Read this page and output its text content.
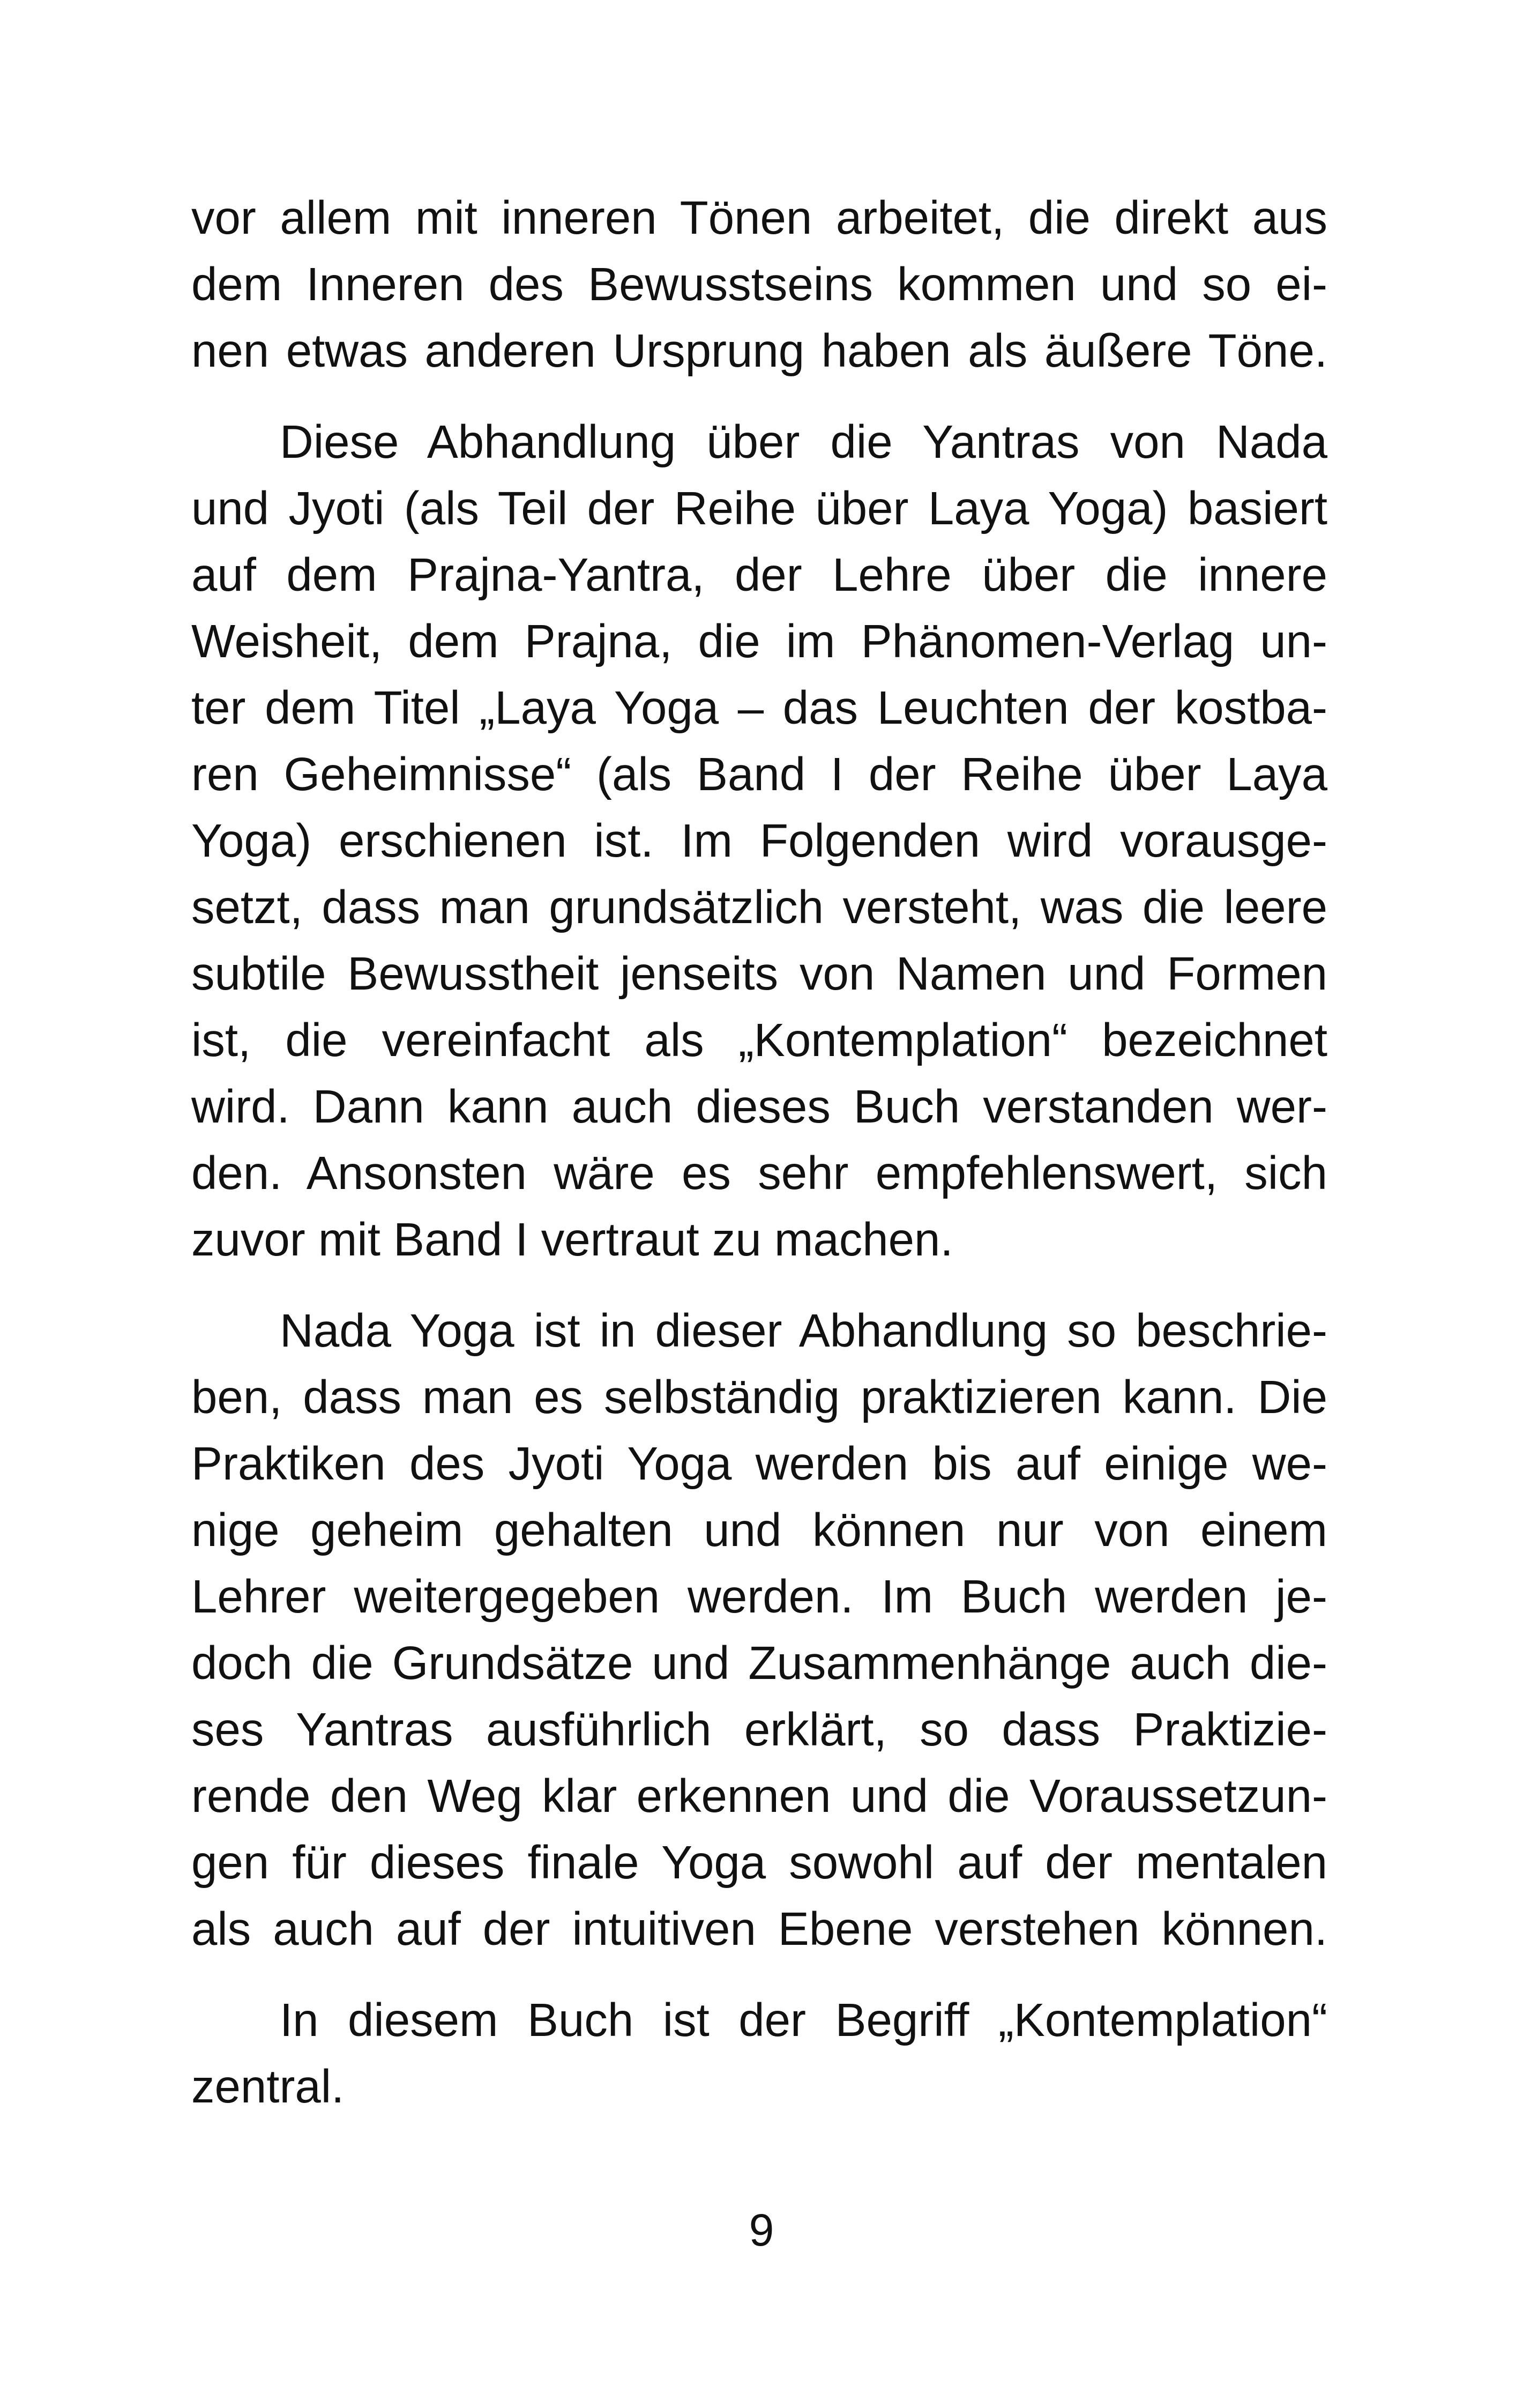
vor allem mit inneren Tönen arbeitet, die direkt aus
dem Inneren des Bewusstseins kommen und so ei-
nen etwas anderen Ursprung haben als äußere Töne.
Diese Abhandlung über die Yantras von Nada
und Jyoti (als Teil der Reihe über Laya Yoga) basiert
auf dem Prajna-Yantra, der Lehre über die innere
Weisheit, dem Prajna, die im Phänomen-Verlag un-
ter dem Titel „Laya Yoga – das Leuchten der kostba-
ren Geheimnisse“ (als Band I der Reihe über Laya
Yoga) erschienen ist. Im Folgenden wird vorausge-
setzt, dass man grundsätzlich versteht, was die leere
subtile Bewusstheit jenseits von Namen und Formen
ist, die vereinfacht als „Kontemplation“ bezeichnet
wird. Dann kann auch dieses Buch verstanden wer-
den. Ansonsten wäre es sehr empfehlenswert, sich
zuvor mit Band I vertraut zu machen.
Nada Yoga ist in dieser Abhandlung so beschrie-
ben, dass man es selbständig praktizieren kann. Die
Praktiken des Jyoti Yoga werden bis auf einige we-
nige geheim gehalten und können nur von einem
Lehrer weitergegeben werden. Im Buch werden je-
doch die Grundsätze und Zusammenhänge auch die-
ses Yantras ausführlich erklärt, so dass Praktizie-
rende den Weg klar erkennen und die Voraussetzun-
gen für dieses finale Yoga sowohl auf der mentalen
als auch auf der intuitiven Ebene verstehen können.
In diesem Buch ist der Begriff „Kontemplation“
zentral.
9
